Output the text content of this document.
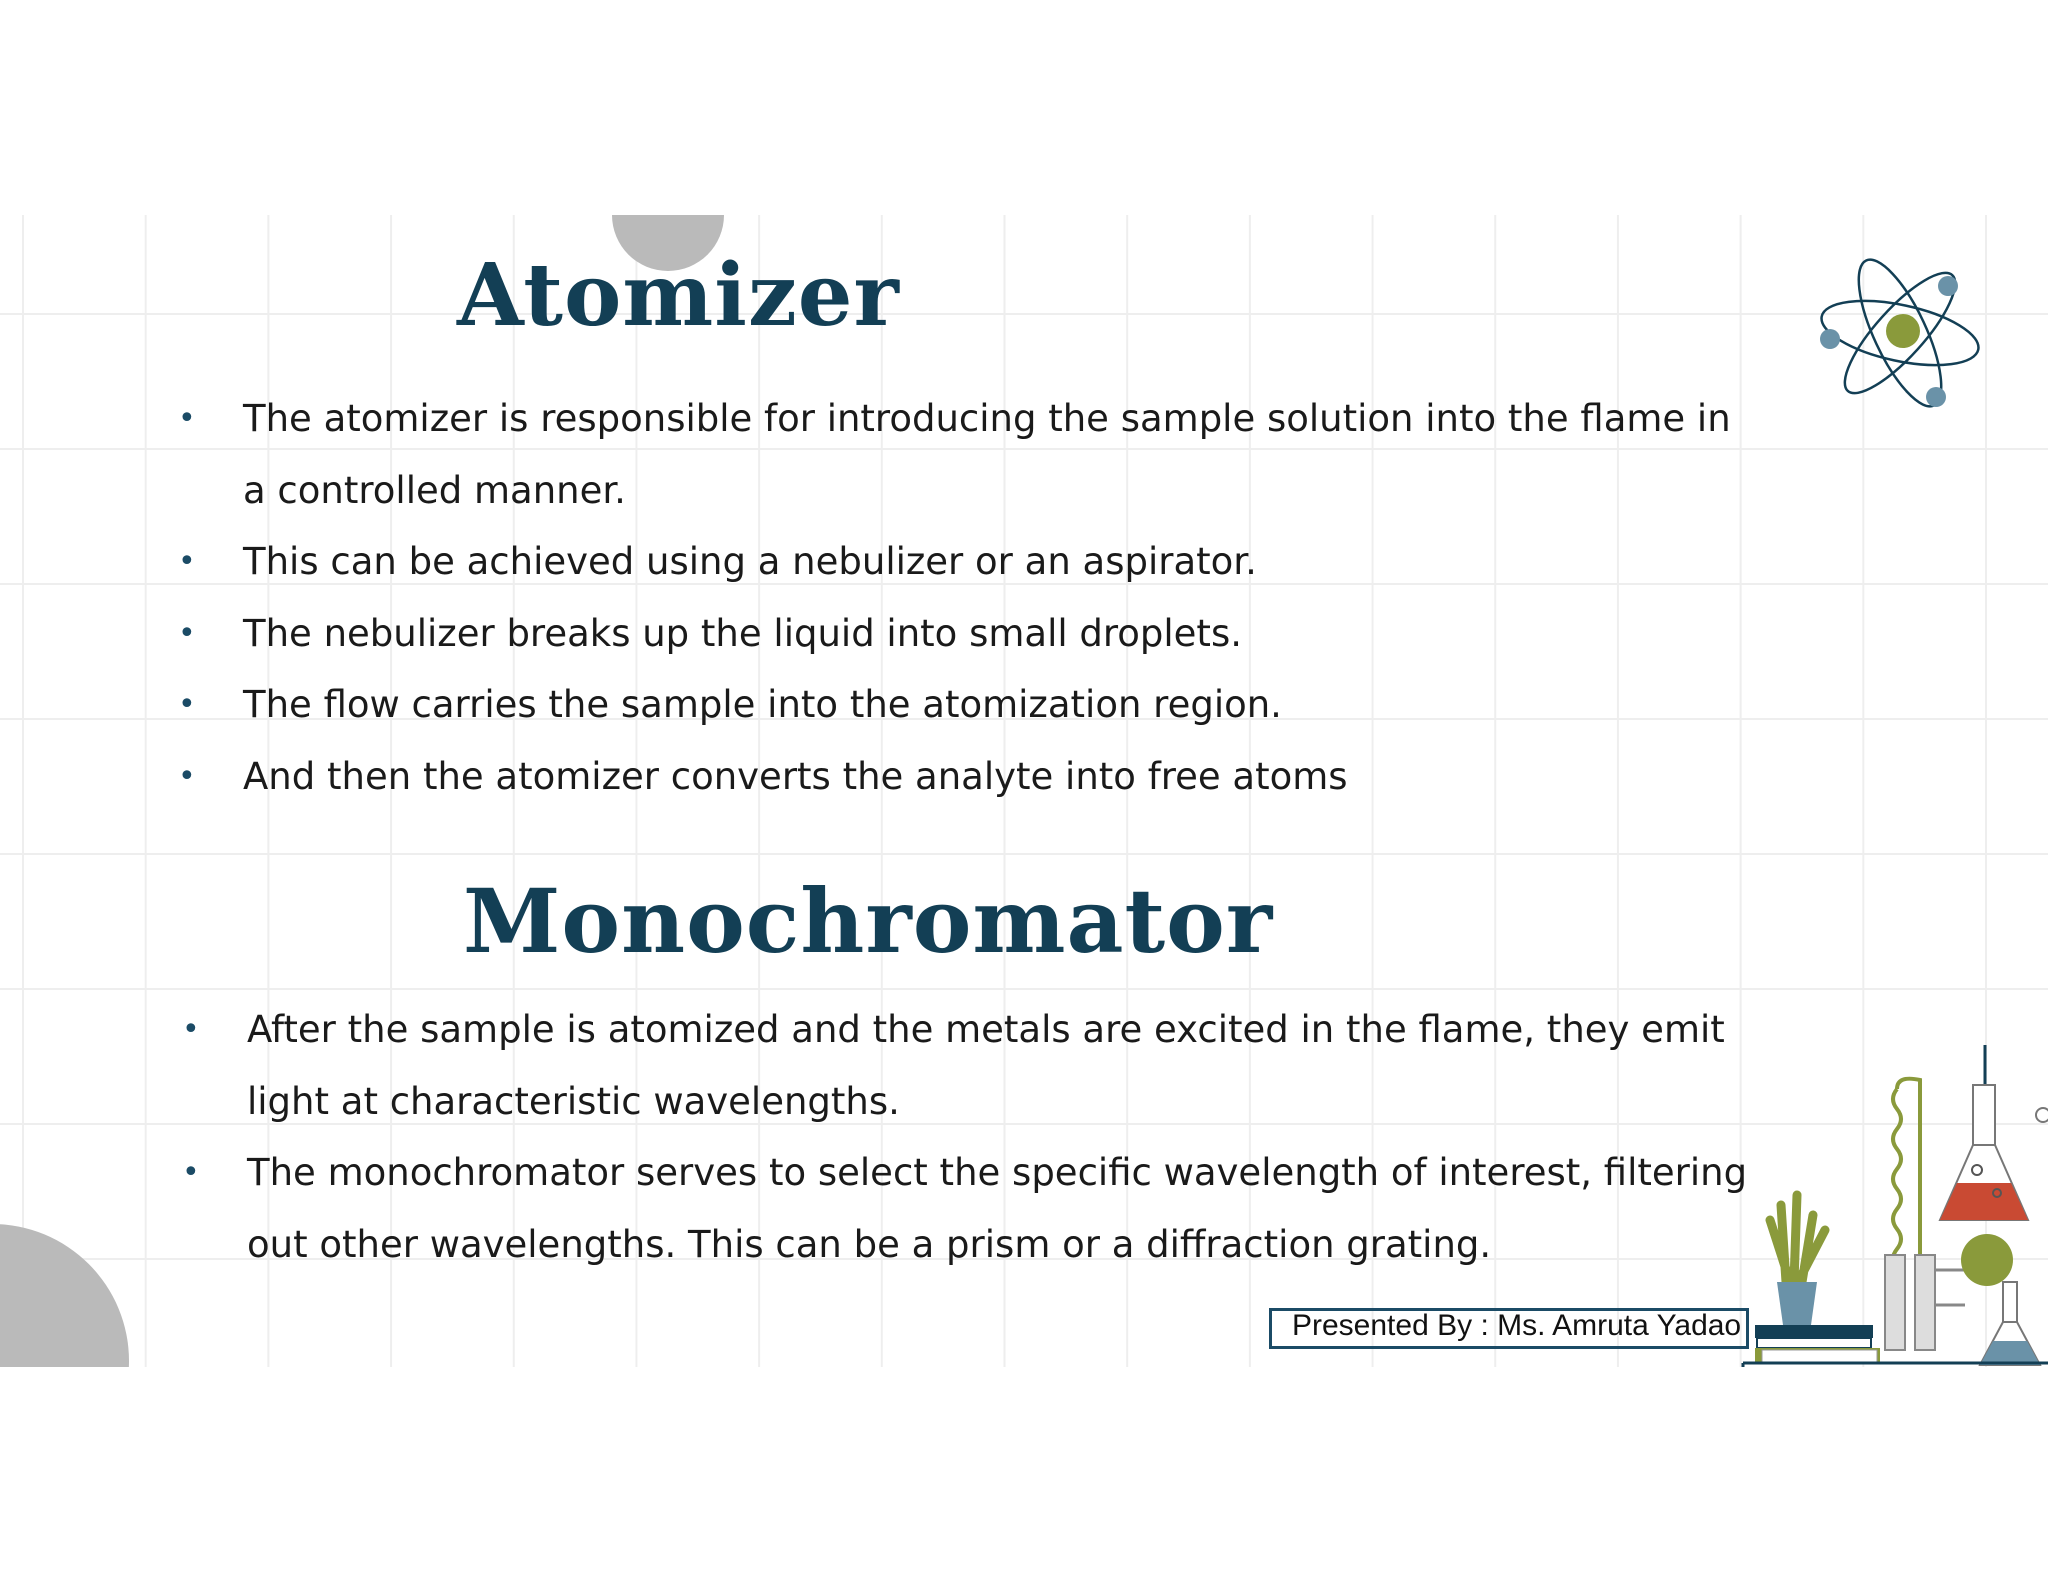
Atomizer
• The atomizer is responsible for introducing the sample solution into the flame in a controlled manner.
• This can be achieved using a nebulizer or an aspirator.
• The nebulizer breaks up the liquid into small droplets.
• The flow carries the sample into the atomization region.
• And then the atomizer converts the analyte into free atoms
Monochromator
• After the sample is atomized and the metals are excited in the flame, they emit light at characteristic wavelengths.
• The monochromator serves to select the specific wavelength of interest, filtering out other wavelengths. This can be a prism or a diffraction grating.
Presented By : Ms. Amruta Yadao
